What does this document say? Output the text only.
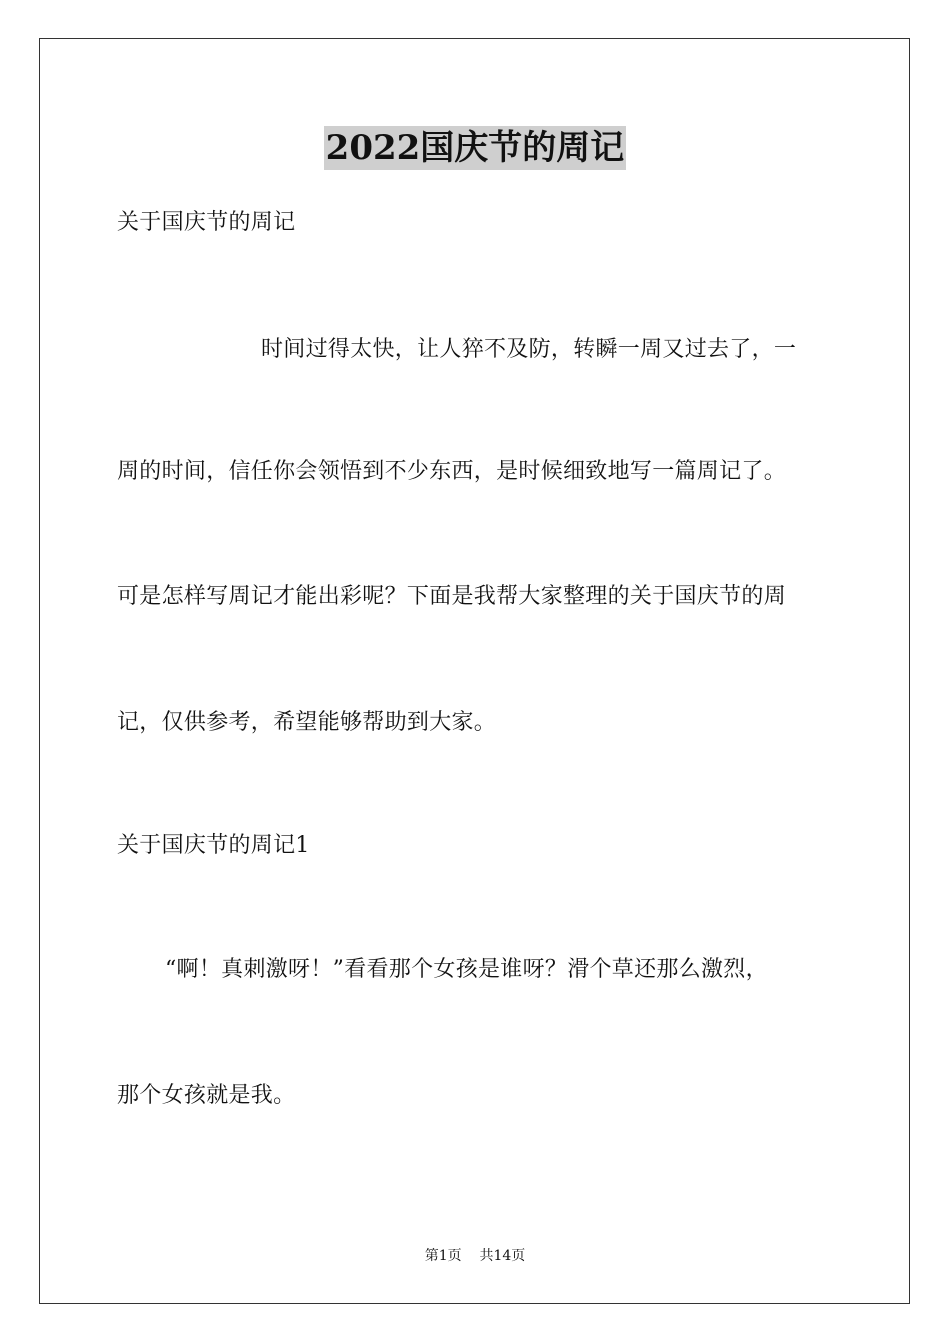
2022国庆节的周记
关于国庆节的周记
时间过得太快，让人猝不及防，转瞬一周又过去了，一
周的时间，信任你会领悟到不少东西，是时候细致地写一篇周记了。
可是怎样写周记才能出彩呢？下面是我帮大家整理的关于国庆节的周
记，仅供参考，希望能够帮助到大家。
关于国庆节的周记1
“啊！真刺激呀！”看看那个女孩是谁呀？滑个草还那么激烈，
那个女孩就是我。
第1页 共14页
